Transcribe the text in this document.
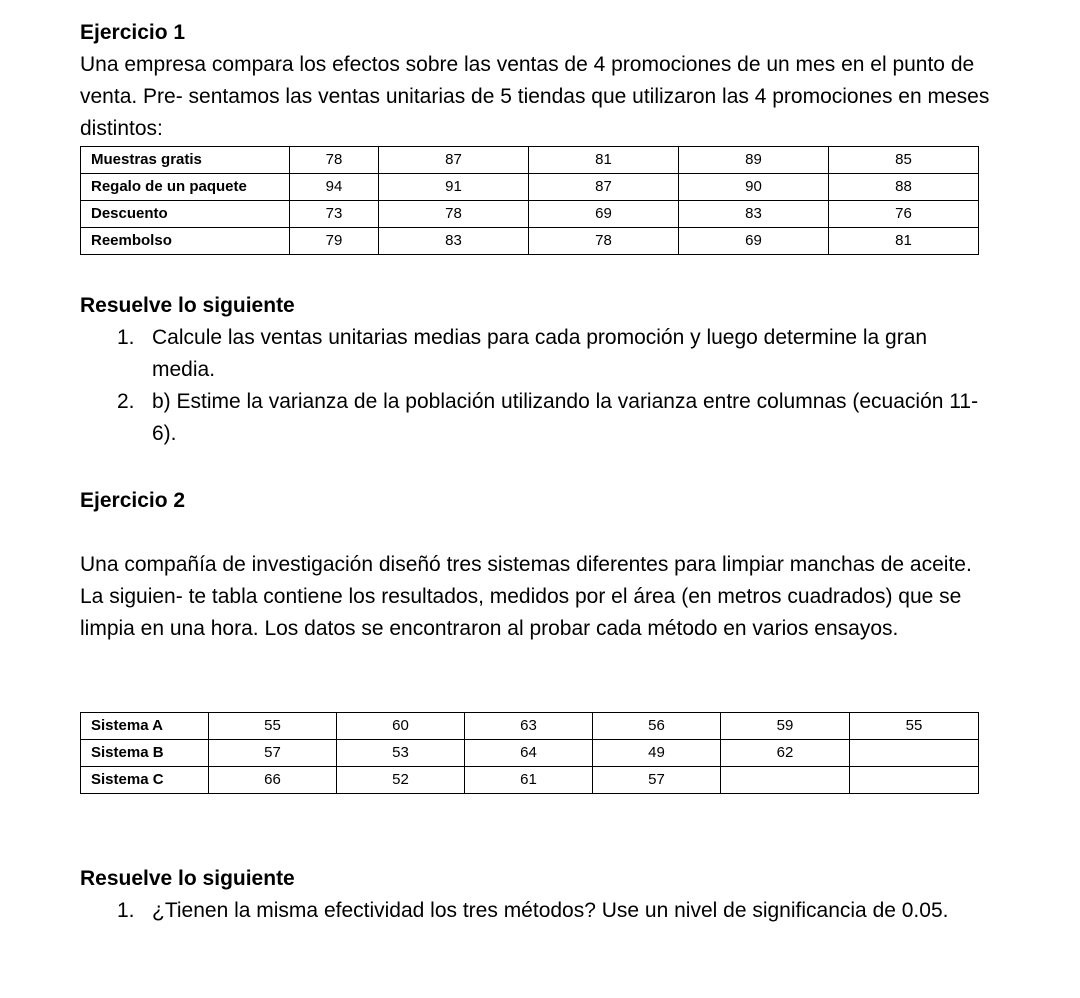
Ejercicio 1
Una empresa compara los efectos sobre las ventas de 4 promociones de un mes en el punto de venta. Pre- sentamos las ventas unitarias de 5 tiendas que utilizaron las 4 promociones en meses distintos:
Muestras gratis	78	87	81	89	85
Regalo de un paquete	94	91	87	90	88
Descuento	73	78	69	83	76
Reembolso	79	83	78	69	81
Resuelve lo siguiente
1. Calcule las ventas unitarias medias para cada promoción y luego determine la gran media.
2. b) Estime la varianza de la población utilizando la varianza entre columnas (ecuación 11-6).
Ejercicio 2
Una compañía de investigación diseñó tres sistemas diferentes para limpiar manchas de aceite. La siguien- te tabla contiene los resultados, medidos por el área (en metros cuadrados) que se limpia en una hora. Los datos se encontraron al probar cada método en varios ensayos.
Sistema A	55	60	63	56	59	55
Sistema B	57	53	64	49	62	
Sistema C	66	52	61	57		
Resuelve lo siguiente
1. ¿Tienen la misma efectividad los tres métodos? Use un nivel de significancia de 0.05.
